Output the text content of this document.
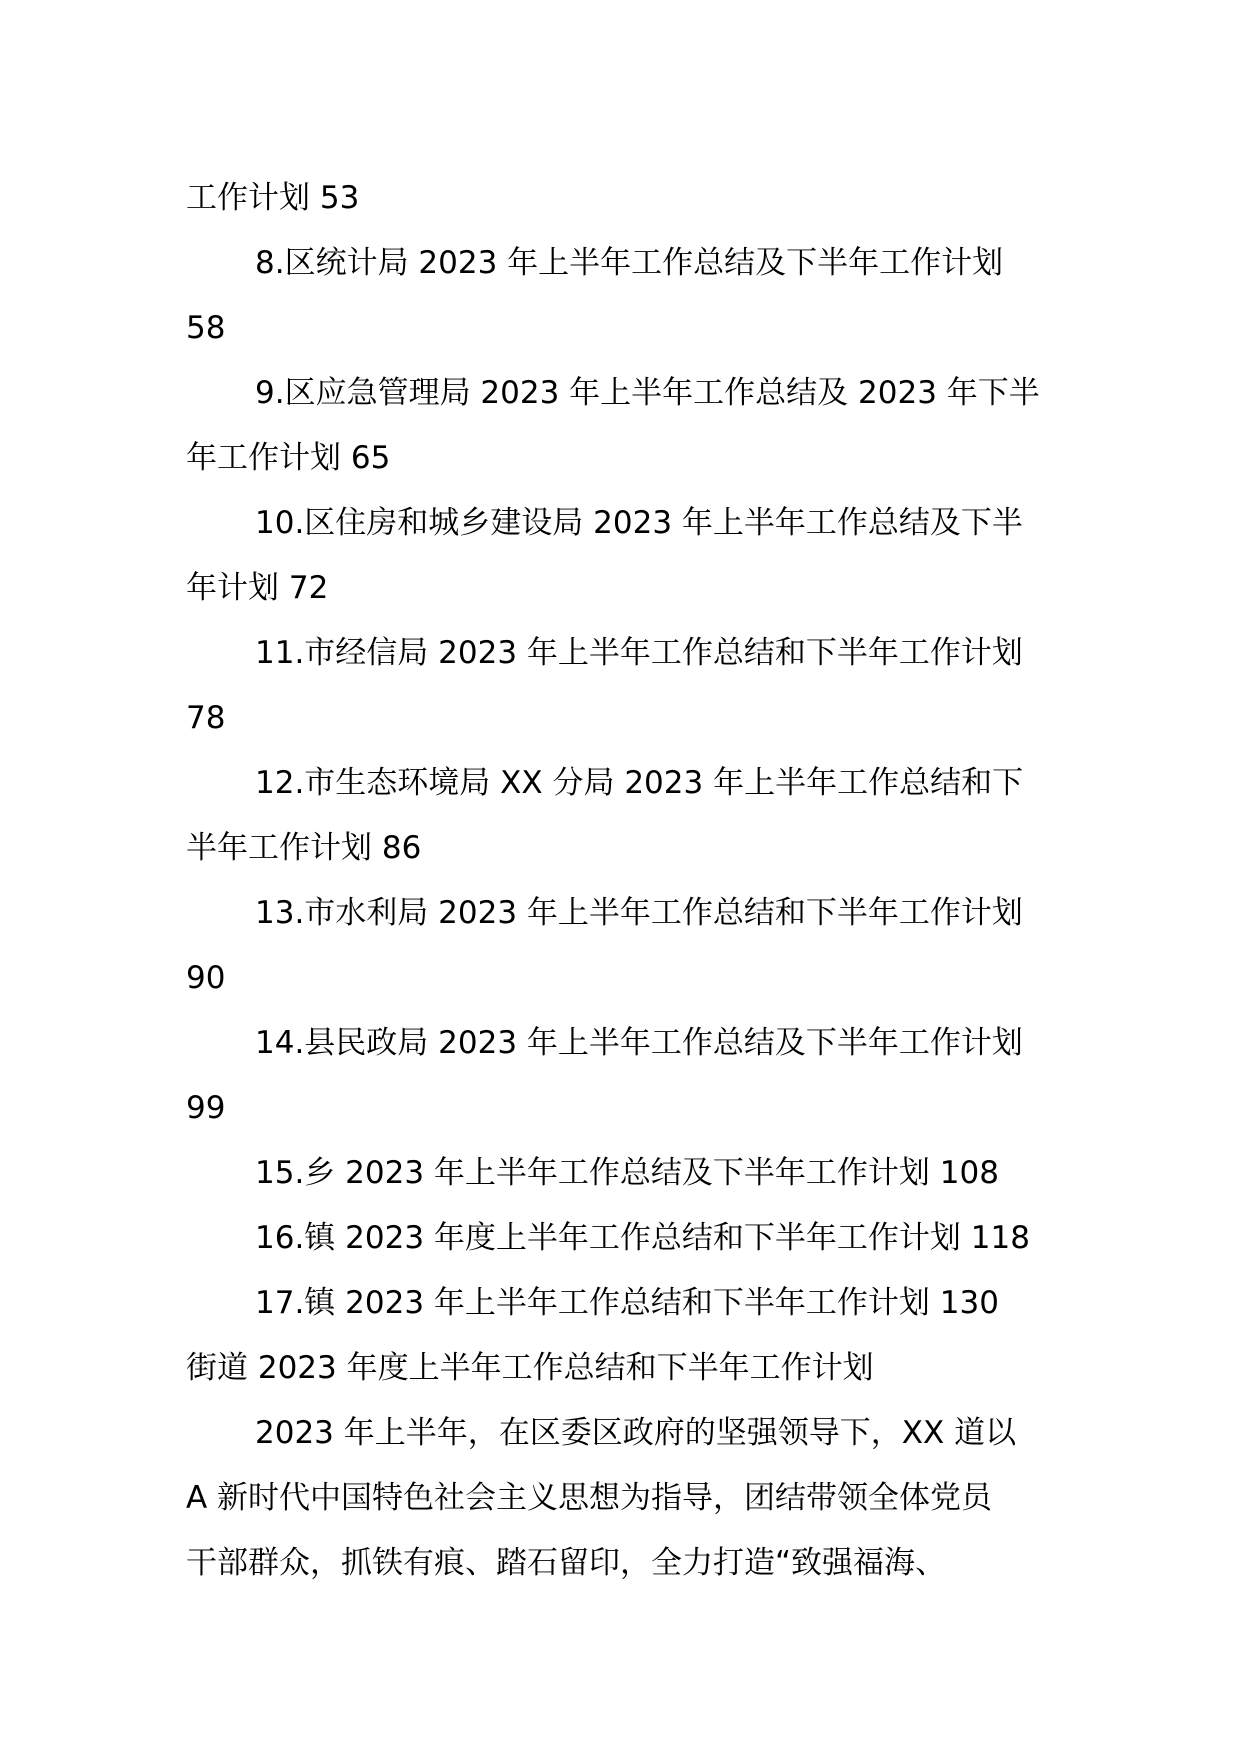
工作计划 53
8.区统计局 2023 年上半年工作总结及下半年工作计划
58
9.区应急管理局 2023 年上半年工作总结及 2023 年下半
年工作计划 65
10.区住房和城乡建设局 2023 年上半年工作总结及下半
年计划 72
11.市经信局 2023 年上半年工作总结和下半年工作计划
78
12.市生态环境局 XX 分局 2023 年上半年工作总结和下
半年工作计划 86
13.市水利局 2023 年上半年工作总结和下半年工作计划
90
14.县民政局 2023 年上半年工作总结及下半年工作计划
99
15.乡 2023 年上半年工作总结及下半年工作计划 108
16.镇 2023 年度上半年工作总结和下半年工作计划 118
17.镇 2023 年上半年工作总结和下半年工作计划 130
街道 2023 年度上半年工作总结和下半年工作计划
2023 年上半年，在区委区政府的坚强领导下，XX 道以
A 新时代中国特色社会主义思想为指导，团结带领全体党员
干部群众，抓铁有痕、踏石留印，全力打造“致强福海、
